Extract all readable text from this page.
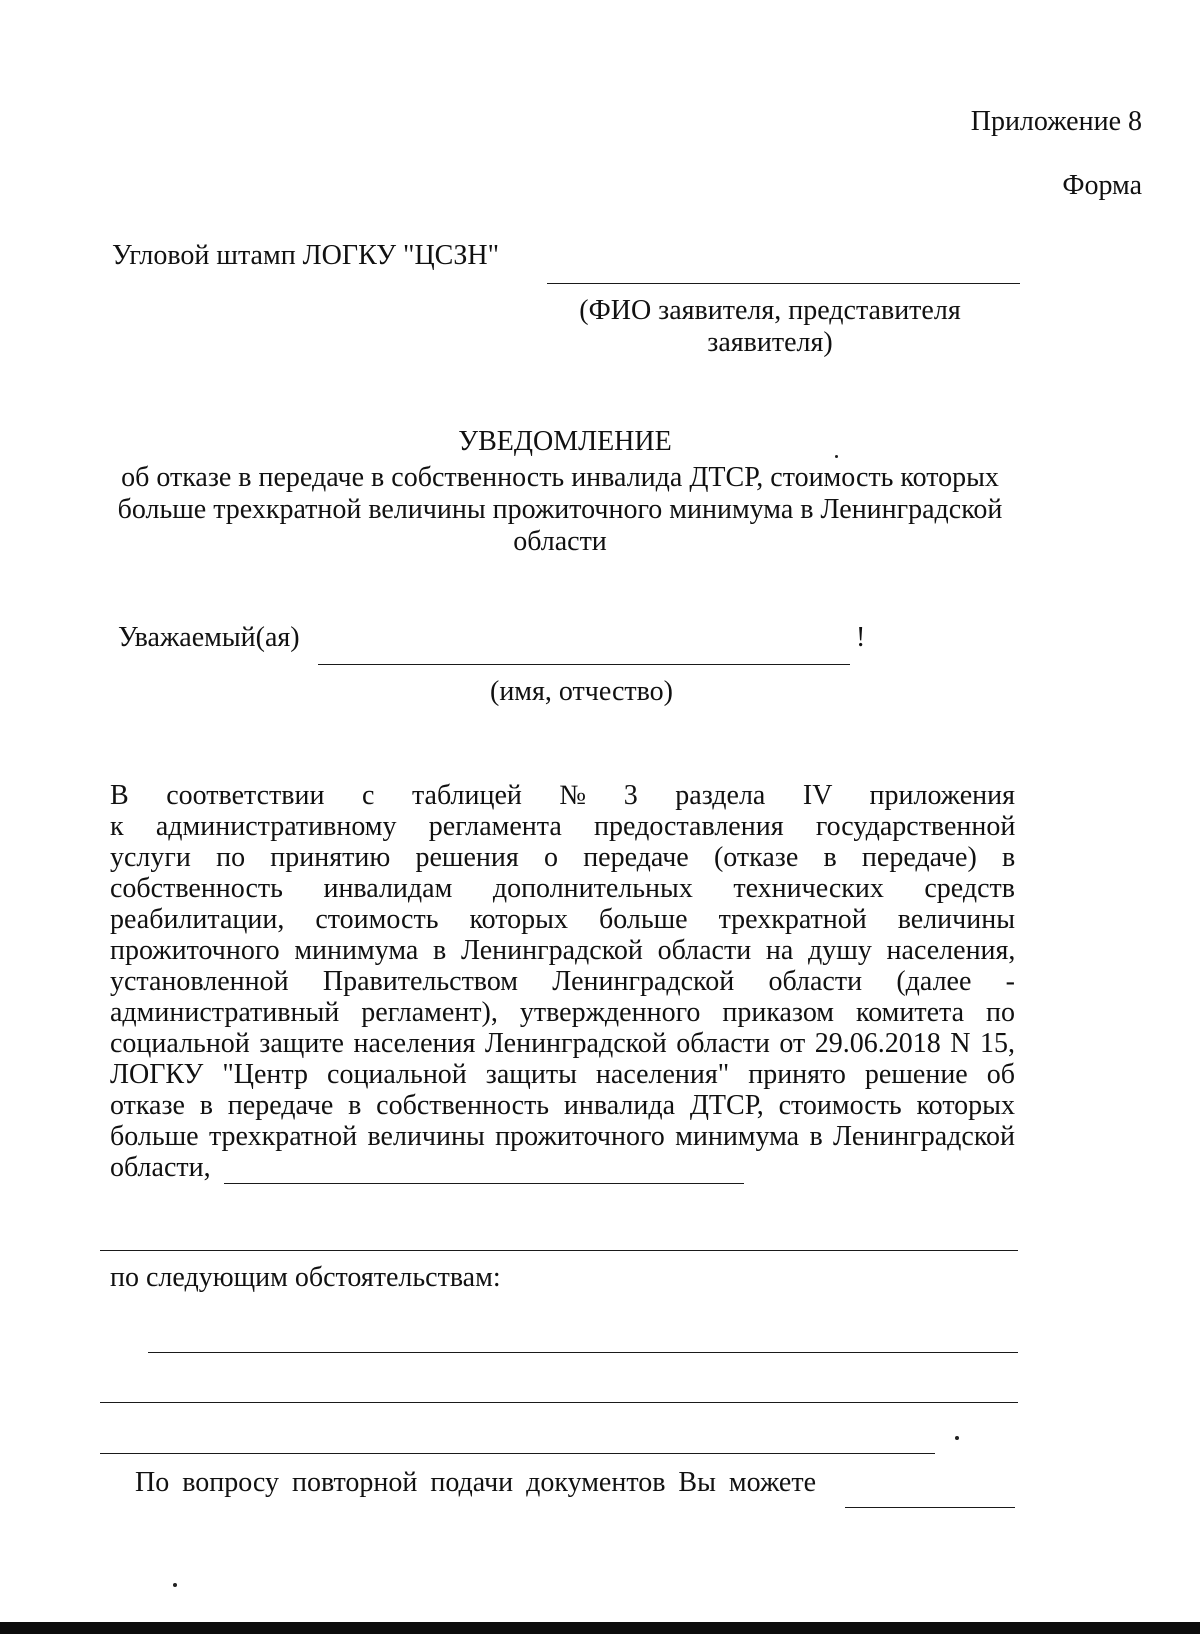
Приложение 8
Форма
Угловой штамп ЛОГКУ "ЦСЗН"
(ФИО заявителя, представителя заявителя)
УВЕДОМЛЕНИЕ
об отказе в передаче в собственность инвалида ДТСР, стоимость которых больше трехкратной величины прожиточного минимума в Ленинградской области
Уважаемый(ая)	!
(имя, отчество)
В соответствии с таблицей № 3 раздела IV приложения
к административному регламента предоставления государственной
услуги по принятию решения о передаче (отказе в передаче) в
собственность инвалидам дополнительных технических средств
реабилитации, стоимость которых больше трехкратной величины
прожиточного минимума в Ленинградской области на душу населения,
установленной Правительством Ленинградской области (далее -
административный регламент), утвержденного приказом комитета по
социальной защите населения Ленинградской области от 29.06.2018 N 15,
ЛОГКУ "Центр социальной защиты населения" принято решение об
отказе в передаче в собственность инвалида ДТСР, стоимость которых
больше трехкратной величины прожиточного минимума в Ленинградской
области,
по следующим обстоятельствам:
По вопросу повторной подачи документов Вы можете
